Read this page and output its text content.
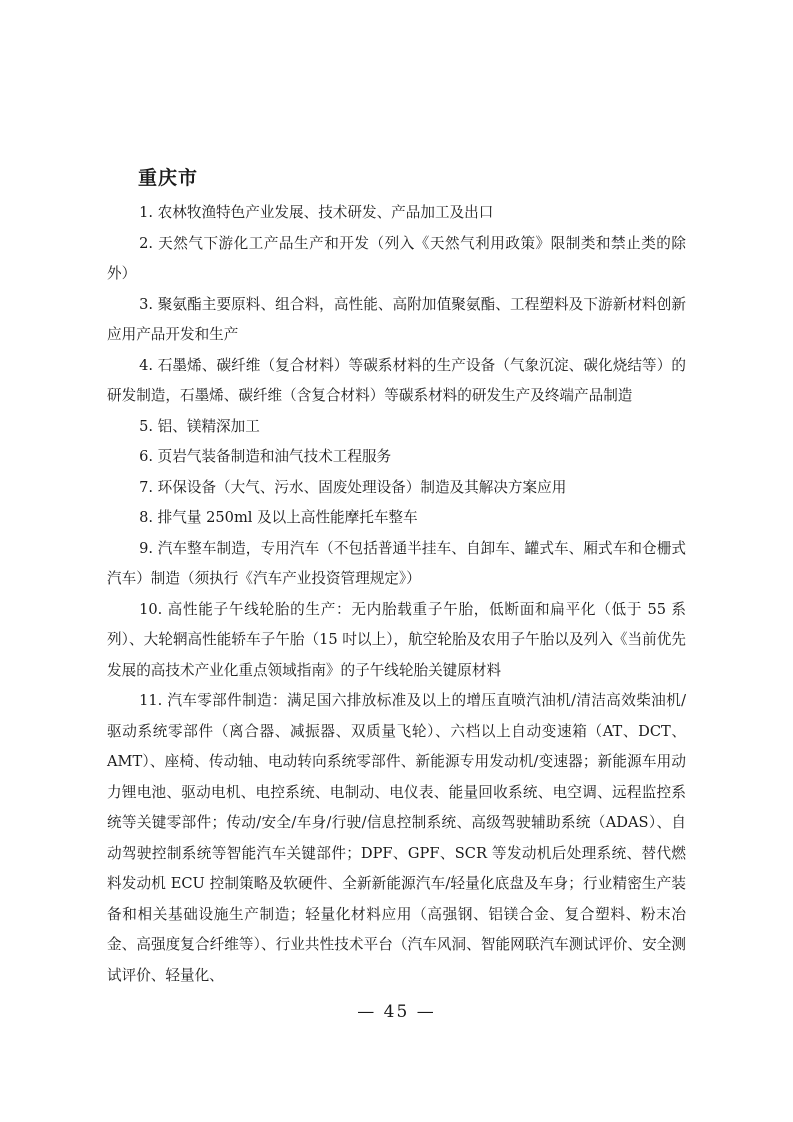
重庆市

1. 农林牧渔特色产业发展、技术研发、产品加工及出口

2. 天然气下游化工产品生产和开发（列入《天然气利用政策》限制类和禁止类的除外）

3. 聚氨酯主要原料、组合料，高性能、高附加值聚氨酯、工程塑料及下游新材料创新应用产品开发和生产

4. 石墨烯、碳纤维（复合材料）等碳系材料的生产设备（气象沉淀、碳化烧结等）的研发制造，石墨烯、碳纤维（含复合材料）等碳系材料的研发生产及终端产品制造

5. 铝、镁精深加工

6. 页岩气装备制造和油气技术工程服务

7. 环保设备（大气、污水、固废处理设备）制造及其解决方案应用

8. 排气量 250ml 及以上高性能摩托车整车

9. 汽车整车制造，专用汽车（不包括普通半挂车、自卸车、罐式车、厢式车和仓栅式汽车）制造（须执行《汽车产业投资管理规定》）

10. 高性能子午线轮胎的生产：无内胎载重子午胎，低断面和扁平化（低于 55 系列）、大轮辋高性能轿车子午胎（15 吋以上），航空轮胎及农用子午胎以及列入《当前优先发展的高技术产业化重点领域指南》的子午线轮胎关键原材料

11. 汽车零部件制造：满足国六排放标准及以上的增压直喷汽油机/清洁高效柴油机/驱动系统零部件（离合器、减振器、双质量飞轮）、六档以上自动变速箱（AT、DCT、AMT）、座椅、传动轴、电动转向系统零部件、新能源专用发动机/变速器；新能源车用动力锂电池、驱动电机、电控系统、电制动、电仪表、能量回收系统、电空调、远程监控系统等关键零部件；传动/安全/车身/行驶/信息控制系统、高级驾驶辅助系统（ADAS）、自动驾驶控制系统等智能汽车关键部件；DPF、GPF、SCR 等发动机后处理系统、替代燃料发动机 ECU 控制策略及软硬件、全新新能源汽车/轻量化底盘及车身；行业精密生产装备和相关基础设施生产制造；轻量化材料应用（高强钢、铝镁合金、复合塑料、粉末冶金、高强度复合纤维等）、行业共性技术平台（汽车风洞、智能网联汽车测试评价、安全测试评价、轻量化、

— 45 —
